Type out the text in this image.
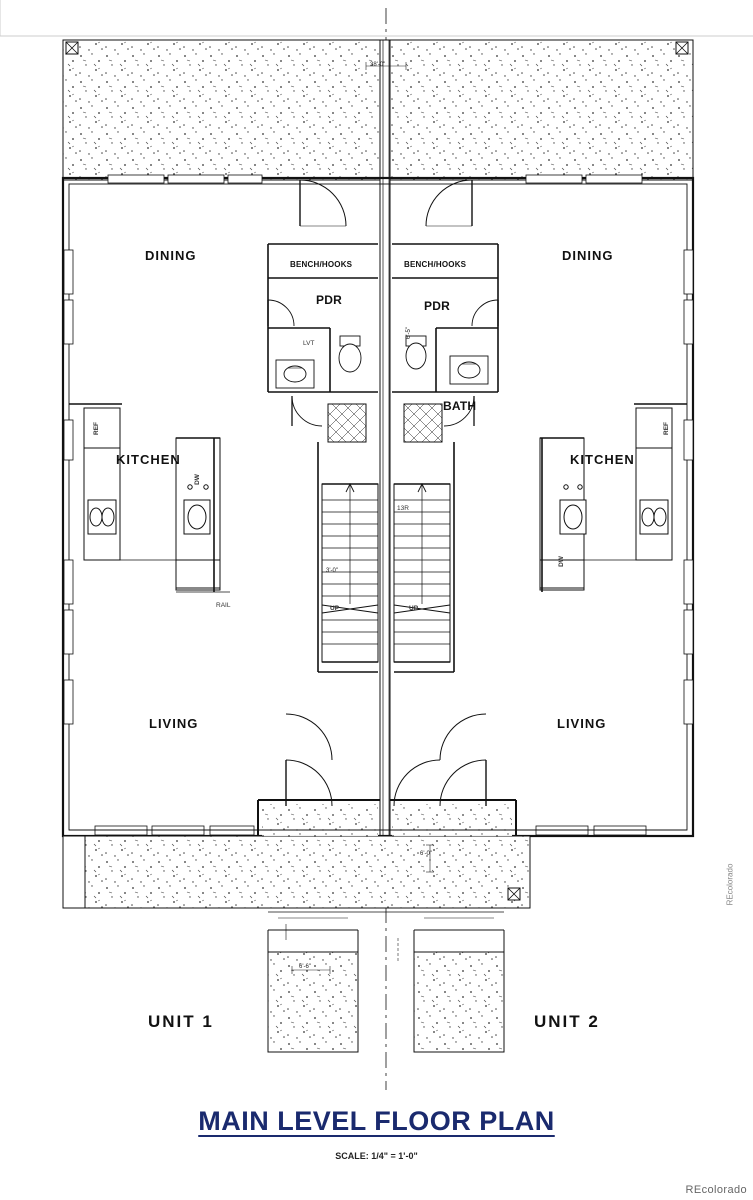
DINING	DINING
KITCHEN	KITCHEN
LIVING	LIVING
BENCH/HOOKS	BENCH/HOOKS
PDR	PDR
BATH
LVT
REF	REF
DW
DW
RAIL	UP	UP
13R
38'-0"
6'-0"
6'-6"
6'-5"
3'-0"
UNIT 1	UNIT 2
MAIN LEVEL FLOOR PLAN
SCALE: 1/4" = 1'-0"
REcolorado
REcolorado
